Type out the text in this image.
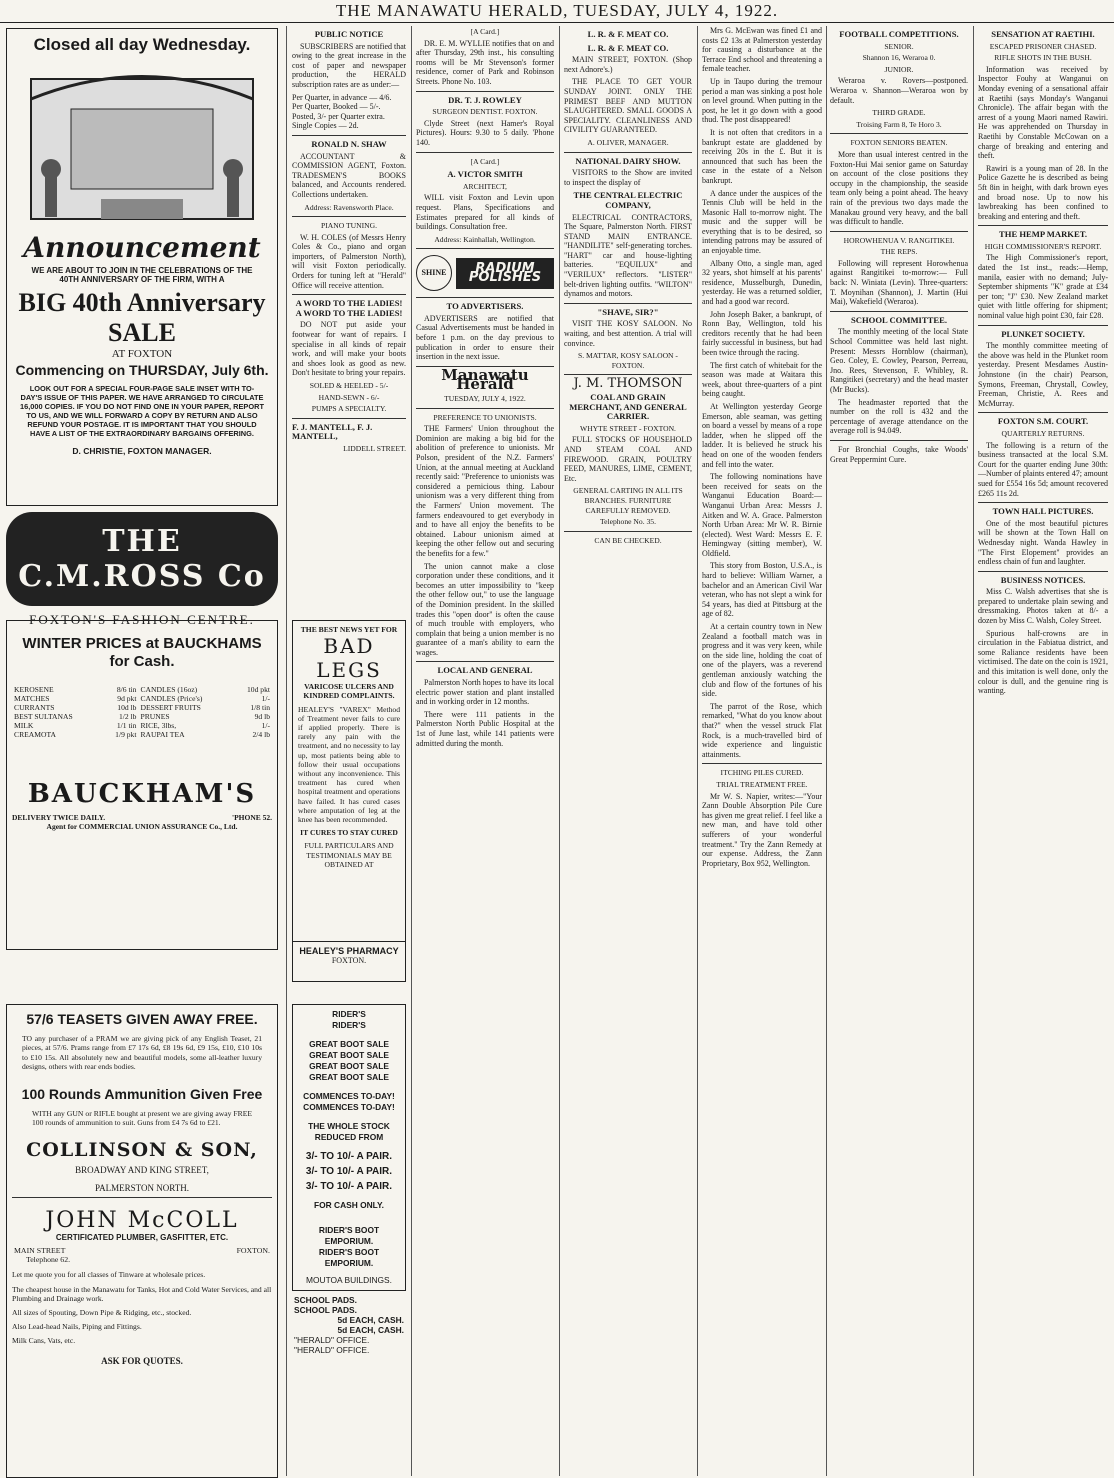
THE MANAWATU HERALD, TUESDAY, JULY 4, 1922.
Closed all day Wednesday.
Announcement
WE ARE ABOUT TO JOIN IN THE CELEBRATIONS OF THE 40TH ANNIVERSARY OF THE FIRM, WITH A
BIG 40th Anniversary
SALE
AT FOXTON
Commencing on THURSDAY, July 6th.
LOOK OUT FOR A SPECIAL FOUR-PAGE SALE INSET WITH TO-DAY'S ISSUE OF THIS PAPER. WE HAVE ARRANGED TO CIRCULATE 16,000 COPIES. IF YOU DO NOT FIND ONE IN YOUR PAPER, REPORT TO US, AND WE WILL FORWARD A COPY BY RETURN AND ALSO REFUND YOUR POSTAGE. IT IS IMPORTANT THAT YOU SHOULD HAVE A LIST OF THE EXTRAORDINARY BARGAINS OFFERING.
D. CHRISTIE, FOXTON MANAGER.
THE C.M.ROSS Co
FOXTON'S FASHION CENTRE.
WINTER PRICES at BAUCKHAMS for Cash.
KEROSENE	8/6 tin	CANDLES (16oz)	10d pkt
MATCHES	9d pkt	CANDLES (Price's)	1/-
CURRANTS	10d lb	DESSERT FRUITS	1/8 tin
BEST SULTANAS	1/2 lb	PRUNES	9d lb
MILK	1/1 tin	RICE, 3lbs,	1/-
CREAMOTA	1/9 pkt	RAUPAI TEA	2/4 lb
BAUCKHAM'S
DELIVERY TWICE DAILY.	'PHONE 52.
Agent for COMMERCIAL UNION ASSURANCE Co., Ltd.
57/6 TEASETS GIVEN AWAY FREE.
TO any purchaser of a PRAM we are giving pick of any English Teaset, 21 pieces, at 57/6. Prams range from £7 17s 6d, £8 19s 6d, £9 15s, £10, £10 10s to £10 15s. All absolutely new and beautiful models, some all-leather luxury designs, others with rear ends bodies.
100 Rounds Ammunition Given Free
WITH any GUN or RIFLE bought at present we are giving away FREE 100 rounds of ammunition to suit. Guns from £4 7s 6d to £21.
COLLINSON & SON,
BROADWAY AND KING STREET,
PALMERSTON NORTH.
JOHN McCOLL
CERTIFICATED PLUMBER, GASFITTER, ETC.
MAIN STREET	FOXTON.
Telephone 62.
Let me quote you for all classes of Tinware at wholesale prices.
The cheapest house in the Manawatu for Tanks, Hot and Cold Water Services, and all Plumbing and Drainage work.
All sizes of Spouting, Down Pipe & Ridging, etc., stocked.
Also Lead-head Nails, Piping and Fittings.
Milk Cans, Vats, etc.
ASK FOR QUOTES.
PUBLIC NOTICE

SUBSCRIBERS are notified that owing to the great increase in the cost of paper and newspaper production, the HERALD subscription rates are as under:—

Per Quarter, in advance — 4/6.
Per Quarter, Booked — 5/-.
Posted, 3/- per Quarter extra.
Single Copies — 2d.
RONALD N. SHAW

ACCOUNTANT & COMMISSION AGENT, Foxton. TRADESMEN'S BOOKS balanced, and Accounts rendered. Collections undertaken.

Address: Ravensworth Place.
PIANO TUNING.

W. H. COLES (of Messrs Henry Coles & Co., piano and organ importers, of Palmerston North), will visit Foxton periodically. Orders for tuning left at "Herald" Office will receive attention.

A WORD TO THE LADIES! A WORD TO THE LADIES!

DO NOT put aside your footwear for want of repairs. I specialise in all kinds of repair work, and will make your boots and shoes look as good as new. Don't hesitate to bring your repairs.

SOLED & HEELED - 5/-
HAND-SEWN - 6/-
PUMPS A SPECIALTY.
F. J. MANTELL, F. J. MANTELL,
LIDDELL STREET.
THE BEST NEWS YET FOR
BAD LEGS
VARICOSE ULCERS AND KINDRED COMPLAINTS.
HEALEY'S "VAREX" Method of Treatment never fails to cure if applied properly. There is rarely any pain with the treatment, and no necessity to lay up, most patients being able to follow their usual occupations without any inconvenience. This treatment has cured when hospital treatment and operations have failed. It has cured cases where amputation of leg at the knee has been recommended.
IT CURES TO STAY CURED
FULL PARTICULARS AND TESTIMONIALS MAY BE OBTAINED AT
HEALEY'S PHARMACY
FOXTON.
RIDER'S
RIDER'S
GREAT BOOT SALE
GREAT BOOT SALE
GREAT BOOT SALE
GREAT BOOT SALE
COMMENCES TO-DAY!
COMMENCES TO-DAY!
THE WHOLE STOCK
REDUCED FROM
3/- TO 10/- A PAIR.
3/- TO 10/- A PAIR.
3/- TO 10/- A PAIR.
FOR CASH ONLY.
RIDER'S BOOT EMPORIUM.
RIDER'S BOOT EMPORIUM.
MOUTOA BUILDINGS.
SCHOOL PADS.
SCHOOL PADS.
5d EACH, CASH.
5d EACH, CASH.
"HERALD" OFFICE.
"HERALD" OFFICE.
[A Card.]

DR. E. M. WYLLIE notifies that on and after Thursday, 29th inst., his consulting rooms will be Mr Stevenson's former residence, corner of Park and Robinson Streets. Phone No. 103.

DR. T. J. ROWLEY
SURGEON DENTIST. FOXTON.

Clyde Street (next Hamer's Royal Pictures). Hours: 9.30 to 5 daily. 'Phone 140.

[A Card.]
A. VICTOR SMITH
ARCHITECT,

WILL visit Foxton and Levin upon request. Plans, Specifications and Estimates prepared for all kinds of buildings. Consultation free.

Address: Kainhallah, Wellington.
SHINE	RADIUM POLISHES
TO ADVERTISERS.

ADVERTISERS are notified that Casual Advertisements must be handed in before 1 p.m. on the day previous to publication in order to ensure their insertion in the next issue.

Manawatu Herald
TUESDAY, JULY 4, 1922.
PREFERENCE TO UNIONISTS.

THE Farmers' Union throughout the Dominion are making a big bid for the abolition of preference to unionists. Mr Polson, president of the N.Z. Farmers' Union, at the annual meeting at Auckland recently said: "Preference to unionists was considered a pernicious thing. Labour unionism was a very different thing from the Farmers' Union movement. The farmers endeavoured to get everybody in and to have all enjoy the benefits to be obtained. Labour unionism aimed at keeping the other fellow out and securing the benefits for a few."

The union cannot make a close corporation under these conditions, and it becomes an utter impossibility to "keep the other fellow out," to use the language of the Dominion president. In the skilled trades this "open door" is often the cause of much trouble with employers, who complain that being a union member is no guarantee of a man's ability to earn the wages.

LOCAL AND GENERAL

Palmerston North hopes to have its local electric power station and plant installed and in working order in 12 months.

There were 111 patients in the Palmerston North Public Hospital at the 1st of June last, while 141 patients were admitted during the month.

L. R. & F. MEAT CO.
L. R. & F. MEAT CO.

MAIN STREET, FOXTON. (Shop next Adnore's.)

THE PLACE TO GET YOUR SUNDAY JOINT. ONLY THE PRIMEST BEEF AND MUTTON SLAUGHTERED. SMALL GOODS A SPECIALITY. CLEANLINESS AND CIVILITY GUARANTEED.

A. OLIVER, MANAGER.
NATIONAL DAIRY SHOW.

VISITORS to the Show are invited to inspect the display of

THE CENTRAL ELECTRIC COMPANY,

ELECTRICAL CONTRACTORS, The Square, Palmerston North. FIRST STAND MAIN ENTRANCE. "HANDILITE" self-generating torches. "HART" car and house-lighting batteries. "EQUILUX" and "VERILUX" reflectors. "LISTER" belt-driven lighting outfits. "WILTON" dynamos and motors.

"SHAVE, SIR?"

VISIT THE KOSY SALOON. No waiting, and best attention. A trial will convince.

S. MATTAR, KOSY SALOON - FOXTON.
J. M. THOMSON
COAL AND GRAIN MERCHANT, AND GENERAL CARRIER.
WHYTE STREET - FOXTON.

FULL STOCKS OF HOUSEHOLD AND STEAM COAL AND FIREWOOD. GRAIN, POULTRY FEED, MANURES, LIME, CEMENT, Etc.

GENERAL CARTING IN ALL ITS BRANCHES. FURNITURE CAREFULLY REMOVED.
Telephone No. 35.
CAN BE CHECKED.

Mrs G. McEwan was fined £1 and costs £2 13s at Palmerston yesterday for causing a disturbance at the Terrace End school and threatening a female teacher.

Up in Taupo during the tremour period a man was sinking a post hole on level ground. When putting in the post, he let it go down with a good thud. The post disappeared!

It is not often that creditors in a bankrupt estate are gladdened by receiving 20s in the £. But it is announced that such has been the case in the estate of a Nelson bankrupt.

A dance under the auspices of the Tennis Club will be held in the Masonic Hall to-morrow night. The music and the supper will be everything that is to be desired, so intending patrons may be assured of an enjoyable time.

Albany Otto, a single man, aged 32 years, shot himself at his parents' residence, Musselburgh, Dunedin, yesterday. He was a returned soldier, and had a good war record.

John Joseph Baker, a bankrupt, of Ronn Bay, Wellington, told his creditors recently that he had been fairly successful in business, but had been twice through the racing.

The first catch of whitebait for the season was made at Waitara this week, about three-quarters of a pint being caught.

At Wellington yesterday George Emerson, able seaman, was getting on board a vessel by means of a rope ladder, when he slipped off the ladder. It is believed he struck his head on one of the wooden fenders and fell into the water.

The following nominations have been received for seats on the Wanganui Education Board:—Wanganui Urban Area: Messrs J. Aitken and W. A. Grace. Palmerston North Urban Area: Mr W. R. Birnie (elected). West Ward: Messrs E. F. Hemingway (sitting member), W. Oldfield.

This story from Boston, U.S.A., is hard to believe: William Warner, a bachelor and an American Civil War veteran, who has not slept a wink for 54 years, has died at Pittsburg at the age of 82.

At a certain country town in New Zealand a football match was in progress and it was very keen, while on the side line, holding the coat of one of the players, was a reverend gentleman anxiously watching the club and flow of the fortunes of his side.

The parrot of the Rose, which remarked, "What do you know about that?" when the vessel struck Flat Rock, is a much-travelled bird of wide experience and linguistic attainments.

ITCHING PILES CURED.
TRIAL TREATMENT FREE.

Mr W. S. Napier, writes:—"Your Zann Double Absorption Pile Cure has given me great relief. I feel like a new man, and have told other sufferers of your wonderful treatment." Try the Zann Remedy at our expense. Address, the Zann Proprietary, Box 952, Wellington.

FOOTBALL COMPETITIONS.
SENIOR.
Shannon 16, Weraroa 0.
JUNIOR.

Weraroa v. Rovers—postponed. Weraroa v. Shannon—Weraroa won by default.

THIRD GRADE.
Troising Farm 8, Te Horo 3.
FOXTON SENIORS BEATEN.

More than usual interest centred in the Foxton-Hui Mai senior game on Saturday on account of the close positions they occupy in the championship, the seaside team only being a point ahead. The heavy rain of the previous two days made the Manakau ground very heavy, and the ball was difficult to handle.

HOROWHENUA V. RANGITIKEI.
THE REPS.

Following will represent Horowhenua against Rangitikei to-morrow:— Full back: N. Winiata (Levin). Three-quarters: T. Moynihan (Shannon), J. Martin (Hui Mai), Wakefield (Weraroa).

SCHOOL COMMITTEE.

The monthly meeting of the local State School Committee was held last night. Present: Messrs Hornblow (chairman), Geo. Coley, E. Cowley, Pearson, Perreau, Jno. Rees, Stevenson, F. Whibley, R. Rangitikei (secretary) and the head master (Mr Bucks).

The headmaster reported that the number on the roll is 432 and the percentage of average attendance on the average roll is 94.049.

For Bronchial Coughs, take Woods' Great Peppermint Cure.

SENSATION AT RAETIHI.
ESCAPED PRISONER CHASED.
RIFLE SHOTS IN THE BUSH.

Information was received by Inspector Fouhy at Wanganui on Monday evening of a sensational affair at Raetihi (says Monday's Wanganui Chronicle). The affair began with the arrest of a young Maori named Rawiri. He was apprehended on Thursday in Raetihi by Constable McCowan on a charge of breaking and entering and theft.

Rawiri is a young man of 28. In the Police Gazette he is described as being 5ft 8in in height, with dark brown eyes and broad nose. Up to now his lawbreaking has been confined to breaking and entering and theft.

THE HEMP MARKET.
HIGH COMMISSIONER'S REPORT.

The High Commissioner's report, dated the 1st inst., reads:—Hemp, manila, easier with no demand; July-September shipments "K" grade at £34 per ton; "J" £30. New Zealand market quiet with little offering for shipment; nominal value high point £30, fair £28.

PLUNKET SOCIETY.

The monthly committee meeting of the above was held in the Plunket room yesterday. Present Mesdames Austin-Johnstone (in the chair) Pearson, Symons, Freeman, Chrystall, Cowley, Freeman, Christie, A. Rees and McMurray.

FOXTON S.M. COURT.
QUARTERLY RETURNS.

The following is a return of the business transacted at the local S.M. Court for the quarter ending June 30th:—Number of plaints entered 47; amount sued for £554 16s 5d; amount recovered £265 11s 2d.

TOWN HALL PICTURES.

One of the most beautiful pictures will be shown at the Town Hall on Wednesday night. Wanda Hawley in "The First Elopement" provides an endless chain of fun and laughter.

BUSINESS NOTICES.

Miss C. Walsh advertises that she is prepared to undertake plain sewing and dressmaking. Photos taken at 8/- a dozen by Miss C. Walsh, Coley Street.

Spurious half-crowns are in circulation in the Fabiatua district, and some Raliance residents have been victimised. The date on the coin is 1921, and this imitation is well done, only the colour is dull, and the genuine ring is wanting.
